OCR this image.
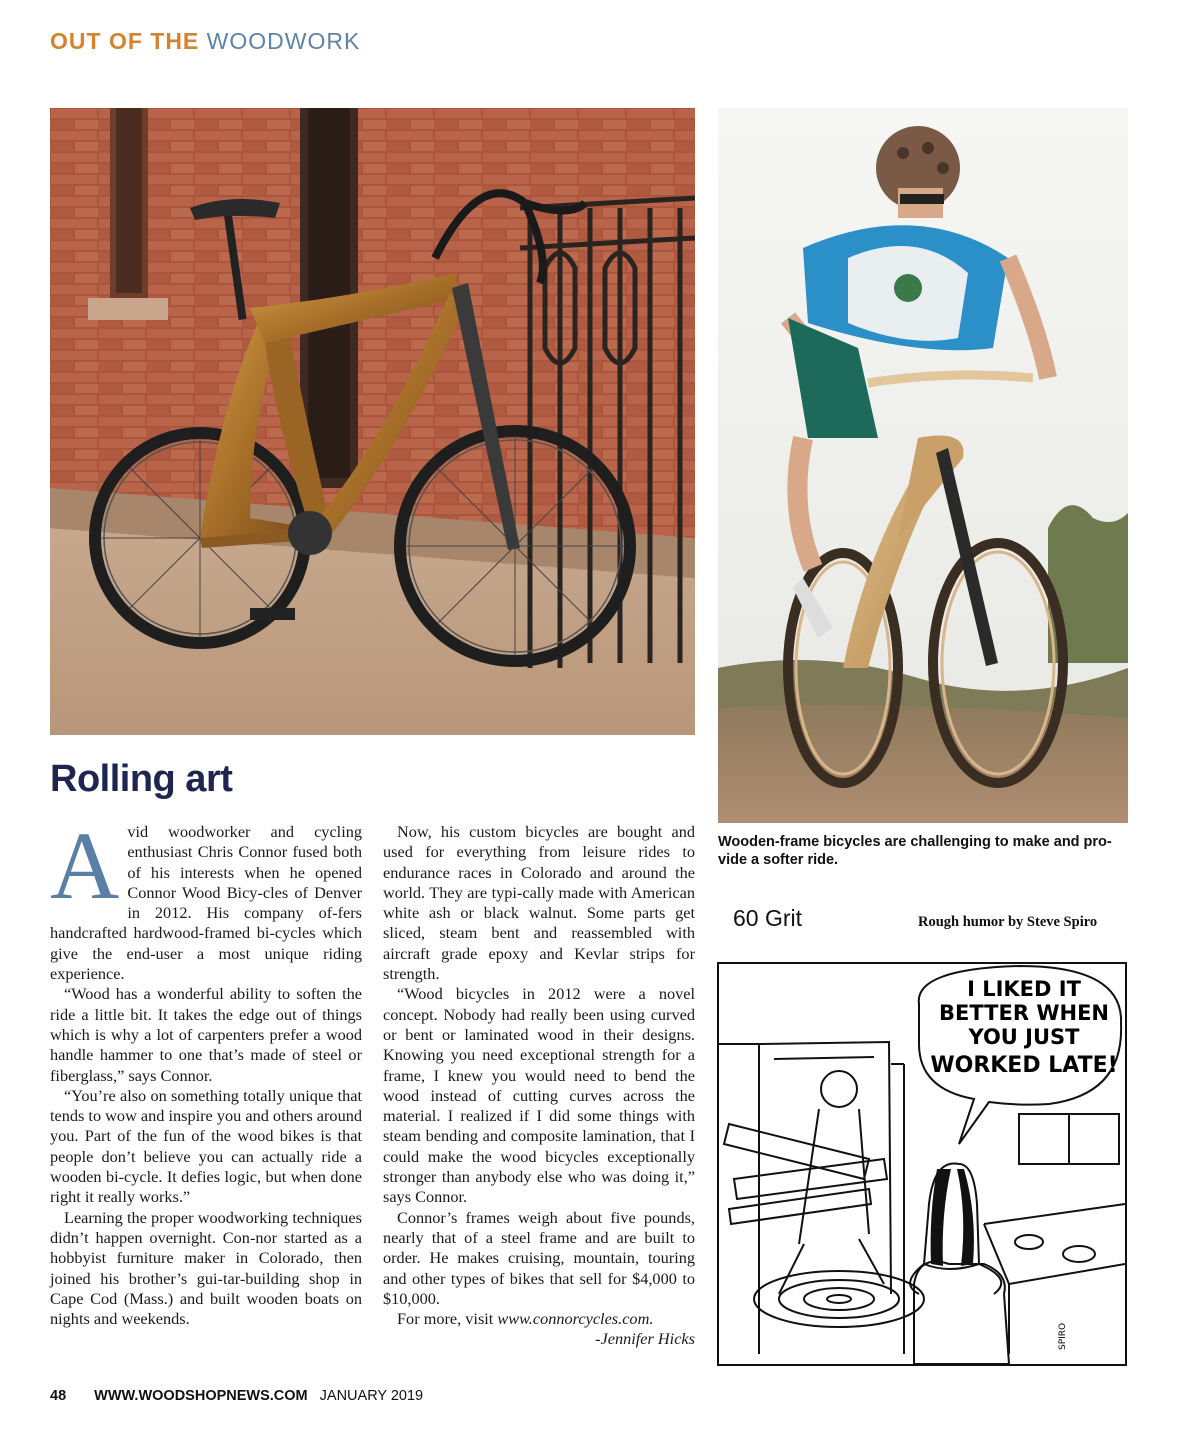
OUT OF THE WOODWORK
Wooden-frame bicycles are challenging to make and pro-vide a softer ride.
Rolling art

Avid woodworker and cycling enthusiast Chris Connor fused both of his interests when he opened Connor Wood Bicy-cles of Denver in 2012. His company of-fers handcrafted hardwood-framed bi-cycles which give the end-user a most unique riding experience.

“Wood has a wonderful ability to soften the ride a little bit. It takes the edge out of things which is why a lot of carpenters prefer a wood handle hammer to one that’s made of steel or fiberglass,” says Connor.

“You’re also on something totally unique that tends to wow and inspire you and others around you. Part of the fun of the wood bikes is that people don’t believe you can actually ride a wooden bi-cycle. It defies logic, but when done right it really works.”

Learning the proper woodworking techniques didn’t happen overnight. Con-nor started as a hobbyist furniture maker in Colorado, then joined his brother’s gui-tar-building shop in Cape Cod (Mass.) and built wooden boats on nights and weekends.

Now, his custom bicycles are bought and used for everything from leisure rides to endurance races in Colorado and around the world. They are typi-cally made with American white ash or black walnut. Some parts get sliced, steam bent and reassembled with aircraft grade epoxy and Kevlar strips for strength.

“Wood bicycles in 2012 were a novel concept. Nobody had really been using curved or bent or laminated wood in their designs. Knowing you need exceptional strength for a frame, I knew you would need to bend the wood instead of cutting curves across the material. I realized if I did some things with steam bending and composite lamination, that I could make the wood bicycles exceptionally stronger than anybody else who was doing it,” says Connor.

Connor’s frames weigh about five pounds, nearly that of a steel frame and are built to order. He makes cruising, mountain, touring and other types of bikes that sell for $4,000 to $10,000.

For more, visit www.connorcycles.com.

-Jennifer Hicks

60 Grit	Rough humor by Steve Spiro
I LIKED IT
BETTER WHEN
YOU JUST
WORKED LATE!
SPIRO
48 WWW.WOODSHOPNEWS.COM JANUARY 2019
